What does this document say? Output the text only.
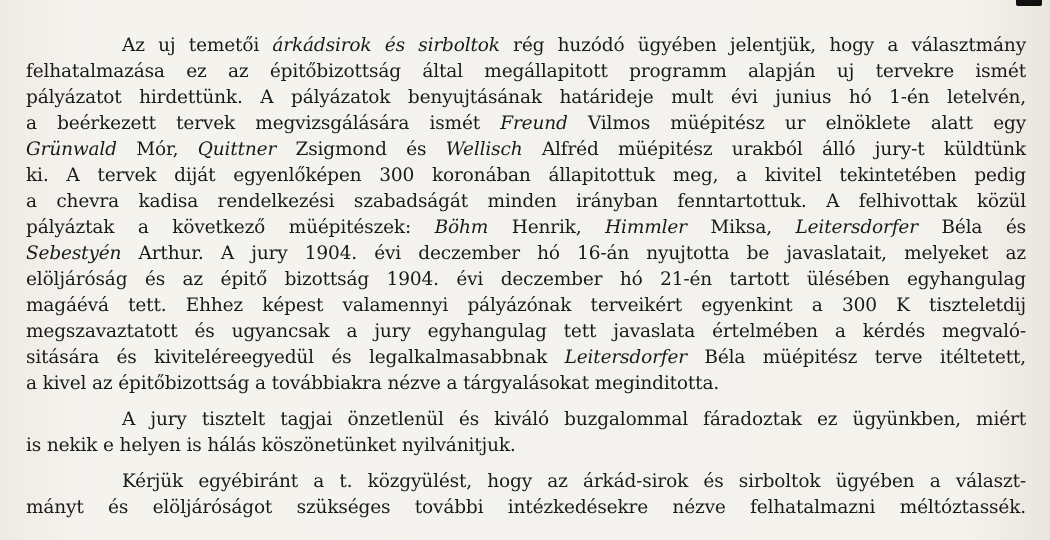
Az uj temetői árkádsirok és sirboltok rég huzódó ügyében jelentjük, hogy a választmány
felhatalmazása ez az épitőbizottság által megállapitott programm alapján uj tervekre ismét
pályázatot hirdettünk. A pályázatok benyujtásának határideje mult évi junius hó 1-én letelvén,
a beérkezett tervek megvizsgálására ismét Freund Vilmos müépitész ur elnöklete alatt egy
Grünwald Mór, Quittner Zsigmond és Wellisch Alfréd müépitész urakból álló jury-t küldtünk
ki. A tervek diját egyenlőképen 300 koronában állapitottuk meg, a kivitel tekintetében pedig
a chevra kadisa rendelkezési szabadságát minden irányban fenntartottuk. A felhivottak közül
pályáztak a következő müépitészek: Böhm Henrik, Himmler Miksa, Leitersdorfer Béla és
Sebestyén Arthur. A jury 1904. évi deczember hó 16-án nyujtotta be javaslatait, melyeket az
elöljáróság és az épitő bizottság 1904. évi deczember hó 21-én tartott ülésében egyhangulag
magáévá tett. Ehhez képest valamennyi pályázónak terveikért egyenkint a 300 K tiszteletdij
megszavaztatott és ugyancsak a jury egyhangulag tett javaslata értelmében a kérdés megvaló-
sitására és kiviteléreegyedül és legalkalmasabbnak Leitersdorfer Béla müépitész terve itéltetett,
a kivel az épitőbizottság a továbbiakra nézve a tárgyalásokat meginditotta.
A jury tisztelt tagjai önzetlenül és kiváló buzgalommal fáradoztak ez ügyünkben, miért
is nekik e helyen is hálás köszönetünket nyilvánitjuk.
Kérjük egyébiránt a t. közgyülést, hogy az árkád-sirok és sirboltok ügyében a választ-
mányt és elöljáróságot szükséges további intézkedésekre nézve felhatalmazni méltóztassék.
